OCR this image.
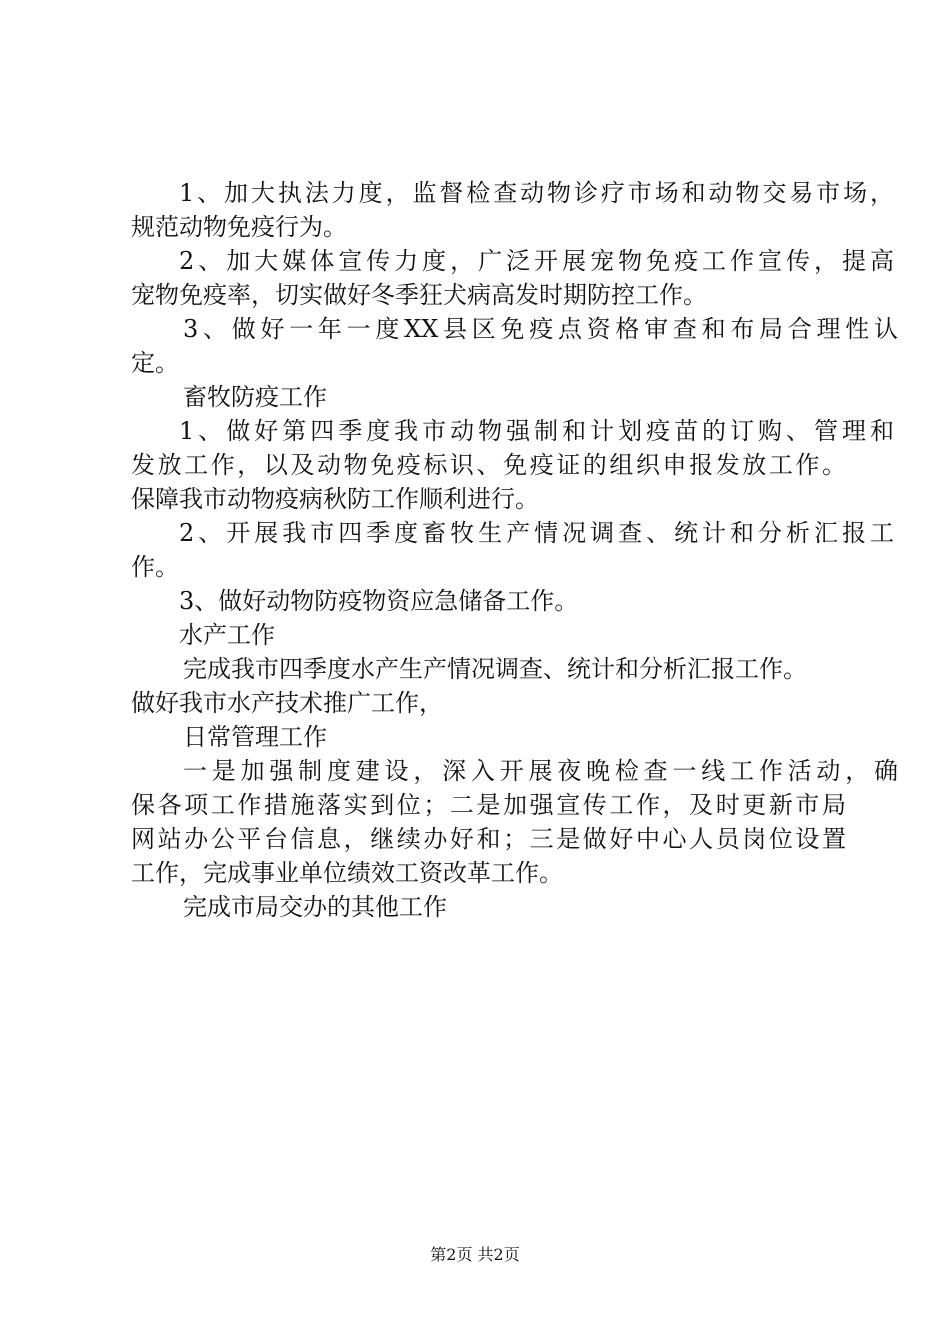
1、加大执法力度，监督检查动物诊疗市场和动物交易市场，
规范动物免疫行为。
2、加大媒体宣传力度，广泛开展宠物免疫工作宣传，提高
宠物免疫率，切实做好冬季狂犬病高发时期防控工作。
3、做好一年一度XX县区免疫点资格审查和布局合理性认
定。
畜牧防疫工作
1、做好第四季度我市动物强制和计划疫苗的订购、管理和
发放工作，以及动物免疫标识、免疫证的组织申报发放工作。
保障我市动物疫病秋防工作顺利进行。
2、开展我市四季度畜牧生产情况调查、统计和分析汇报工
作。
3、做好动物防疫物资应急储备工作。
水产工作
完成我市四季度水产生产情况调查、统计和分析汇报工作。
做好我市水产技术推广工作，
日常管理工作
一是加强制度建设，深入开展夜晚检查一线工作活动，确
保各项工作措施落实到位；二是加强宣传工作，及时更新市局
网站办公平台信息，继续办好和；三是做好中心人员岗位设置
工作，完成事业单位绩效工资改革工作。
完成市局交办的其他工作
第2页 共2页
